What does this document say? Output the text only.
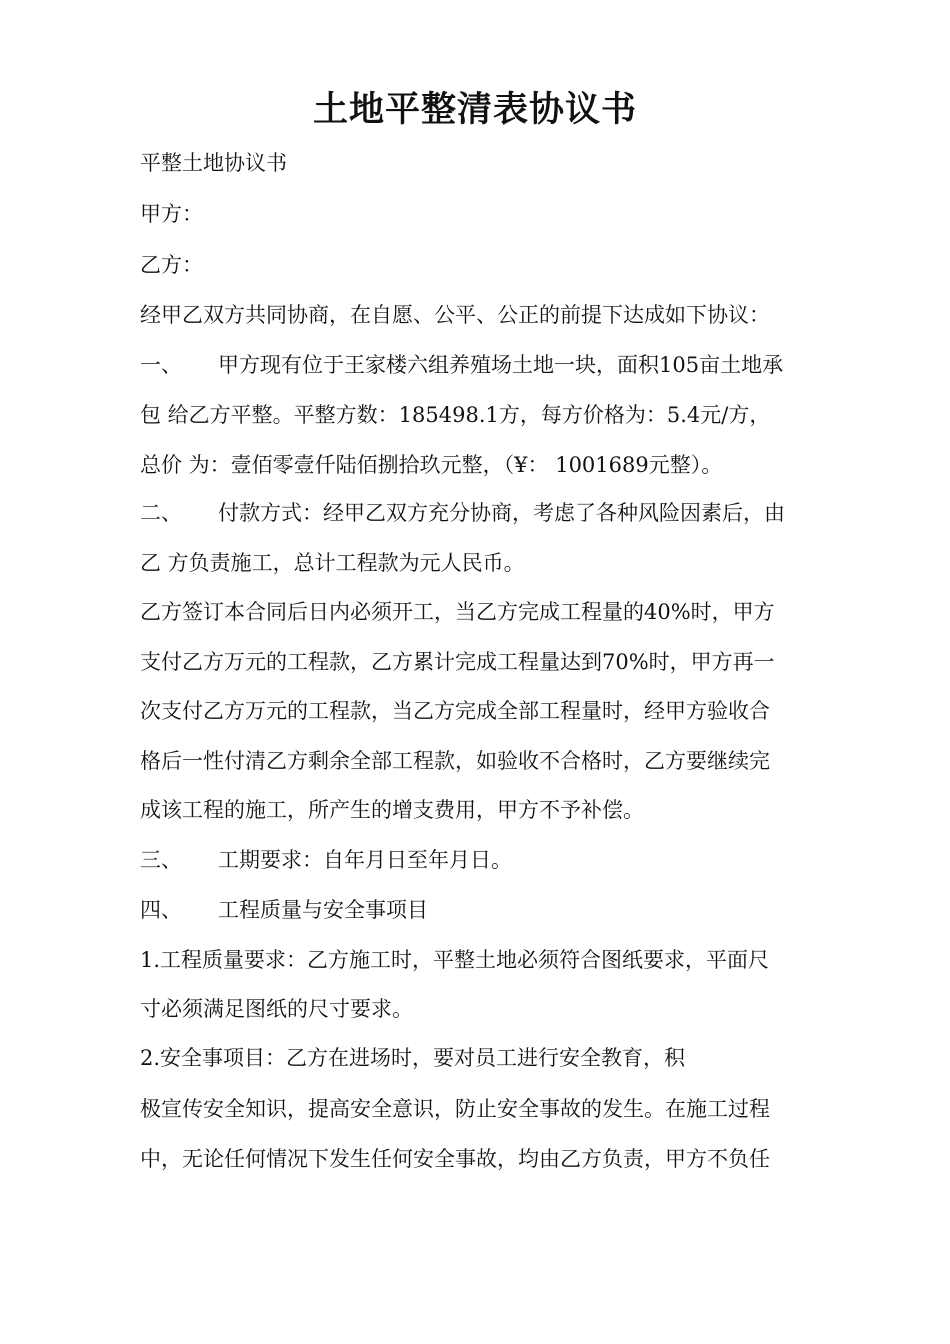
土地平整清表协议书
平整土地协议书
甲方：
乙方：
经甲乙双方共同协商，在自愿、公平、公正的前提下达成如下协议：
一、 甲方现有位于王家楼六组养殖场土地一块，面积105亩土地承
包 给乙方平整。平整方数：185498.1方，每方价格为：5.4元/方，
总价 为：壹佰零壹仟陆佰捌拾玖元整，（¥： 1001689元整）。
二、 付款方式：经甲乙双方充分协商，考虑了各种风险因素后，由
乙 方负责施工，总计工程款为元人民币。
乙方签订本合同后日内必须开工，当乙方完成工程量的40%时，甲方
支付乙方万元的工程款，乙方累计完成工程量达到70%时，甲方再一
次支付乙方万元的工程款，当乙方完成全部工程量时，经甲方验收合
格后一性付清乙方剩余全部工程款，如验收不合格时，乙方要继续完
成该工程的施工，所产生的增支费用，甲方不予补偿。
三、 工期要求：自年月日至年月日。
四、 工程质量与安全事项目
1.工程质量要求：乙方施工时，平整土地必须符合图纸要求，平面尺
寸必须满足图纸的尺寸要求。
2.安全事项目：乙方在进场时，要对员工进行安全教育，积
极宣传安全知识，提高安全意识，防止安全事故的发生。在施工过程
中，无论任何情况下发生任何安全事故，均由乙方负责，甲方不负任
